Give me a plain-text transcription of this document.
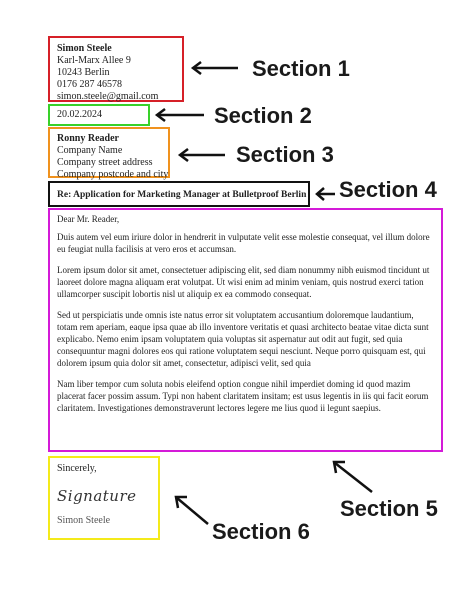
Simon Steele
Karl-Marx Allee 9
10243 Berlin
0176 287 46578
simon.steele@gmail.com
20.02.2024
Ronny Reader
Company Name
Company street address
Company postcode and city
Re: Application for Marketing Manager at Bulletproof Berlin

Dear Mr. Reader,

Duis autem vel eum iriure dolor in hendrerit in vulputate velit esse molestie consequat, vel illum dolore eu feugiat nulla facilisis at vero eros et accumsan.

Lorem ipsum dolor sit amet, consectetuer adipiscing elit, sed diam nonummy nibh euismod tincidunt ut laoreet dolore magna aliquam erat volutpat. Ut wisi enim ad minim veniam, quis nostrud exerci tation ullamcorper suscipit lobortis nisl ut aliquip ex ea commodo consequat.

Sed ut perspiciatis unde omnis iste natus error sit voluptatem accusantium doloremque laudantium, totam rem aperiam, eaque ipsa quae ab illo inventore veritatis et quasi architecto beatae vitae dicta sunt explicabo. Nemo enim ipsam voluptatem quia voluptas sit aspernatur aut odit aut fugit, sed quia consequuntur magni dolores eos qui ratione voluptatem sequi nesciunt. Neque porro quisquam est, qui dolorem ipsum quia dolor sit amet, consectetur, adipisci velit, sed quia

Nam liber tempor cum soluta nobis eleifend option congue nihil imperdiet doming id quod mazim placerat facer possim assum. Typi non habent claritatem insitam; est usus legentis in iis qui facit eorum claritatem. Investigationes demonstraverunt lectores legere me lius quod ii legunt saepius.

Sincerely,
Signature
Simon Steele
Section 1
Section 2
Section 3
Section 4
Section 5
Section 6
